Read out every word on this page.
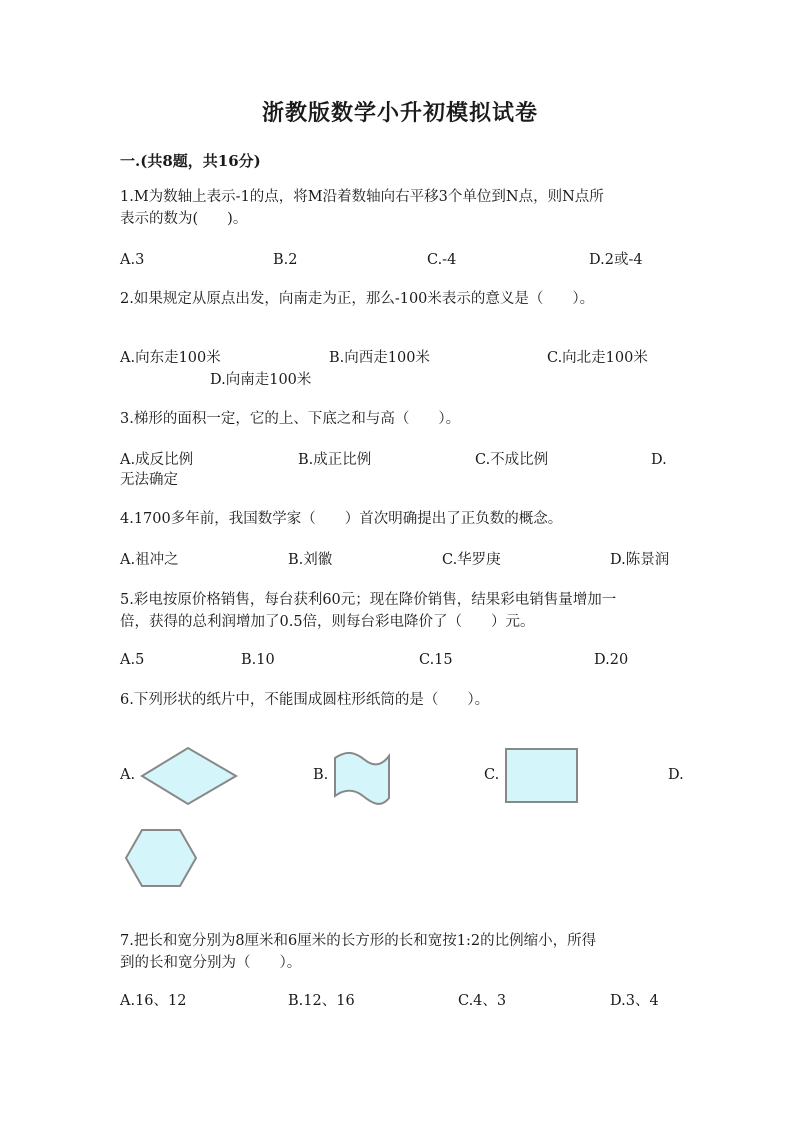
浙教版数学小升初模拟试卷
一.(共8题，共16分)
1.M为数轴上表示-1的点，将M沿着数轴向右平移3个单位到N点，则N点所
表示的数为(　　)。
A.3	B.2	C.-4	D.2或-4
2.如果规定从原点出发，向南走为正，那么-100米表示的意义是（　　）。
A.向东走100米	B.向西走100米	C.向北走100米
D.向南走100米
3.梯形的面积一定，它的上、下底之和与高（　　）。
A.成反比例	B.成正比例	C.不成比例	D.
无法确定
4.1700多年前，我国数学家（　　）首次明确提出了正负数的概念。
A.祖冲之	B.刘徽	C.华罗庚	D.陈景润
5.彩电按原价格销售，每台获利60元；现在降价销售，结果彩电销售量增加一
倍，获得的总利润增加了0.5倍，则每台彩电降价了（　　）元。
A.5	B.10	C.15	D.20
6.下列形状的纸片中，不能围成圆柱形纸筒的是（　　）。
A.	B.	C.	D.
7.把长和宽分别为8厘米和6厘米的长方形的长和宽按1:2的比例缩小，所得
到的长和宽分别为（　　）。
A.16、12	B.12、16	C.4、3	D.3、4
